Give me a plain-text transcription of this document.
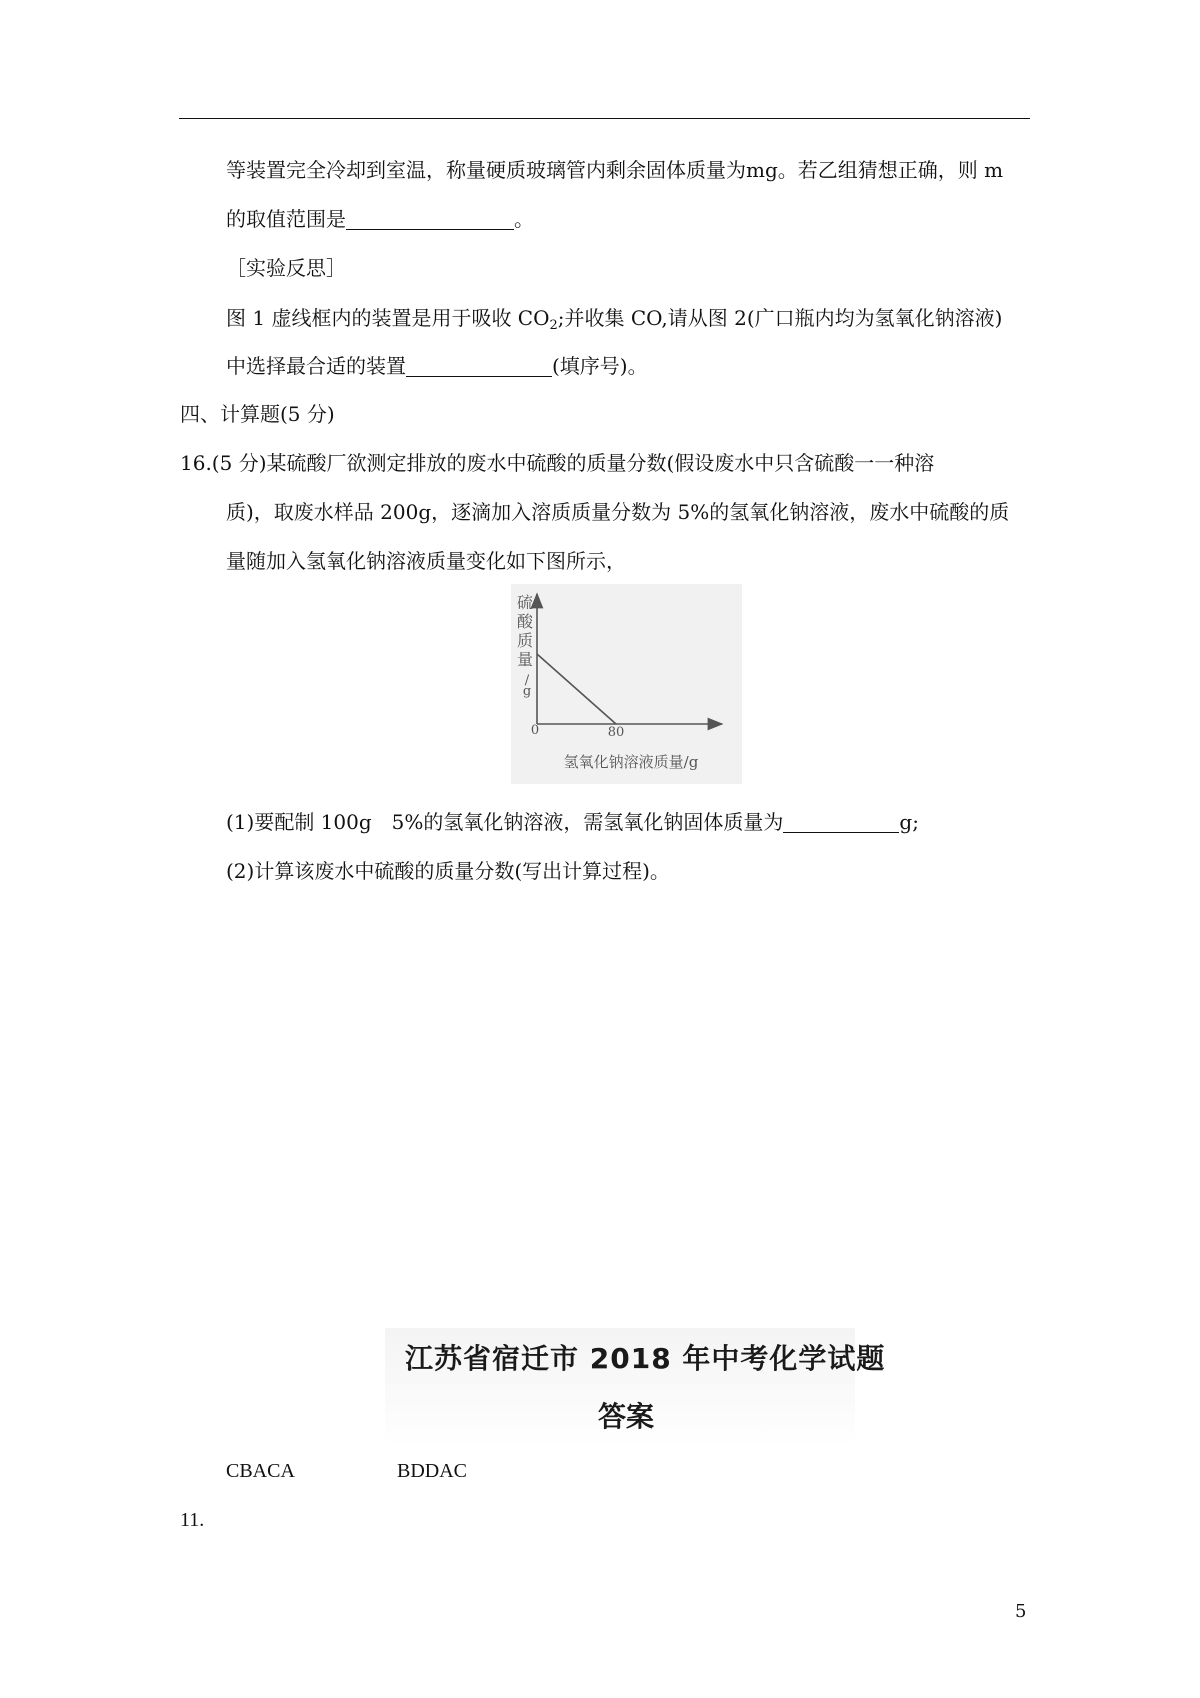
等装置完全冷却到室温，称量硬质玻璃管内剩余固体质量为mg。若乙组猜想正确，则 m
的取值范围是	。
［实验反思］
图 1 虚线框内的装置是用于吸收 $CO_2$;并收集 CO,请从图 2(广口瓶内均为氢氧化钠溶液)
中选择最合适的装置	(填序号)。
四、计算题(5 分)
16.(5 分)某硫酸厂欲测定排放的废水中硫酸的质量分数(假设废水中只含硫酸一一种溶
质)，取废水样品 200g，逐滴加入溶质质量分数为 5%的氢氧化钠溶液，废水中硫酸的质
量随加入氢氧化钠溶液质量变化如下图所示，
硫
酸
质
量
/
g
0	80
氢氧化钠溶液质量/g
(1)要配制 100g　5%的氢氧化钠溶液，需氢氧化钠固体质量为	g;
(2)计算该废水中硫酸的质量分数(写出计算过程)。
江苏省宿迁市 2018 年中考化学试题
答案
CBACA	BDDAC
11.
5
